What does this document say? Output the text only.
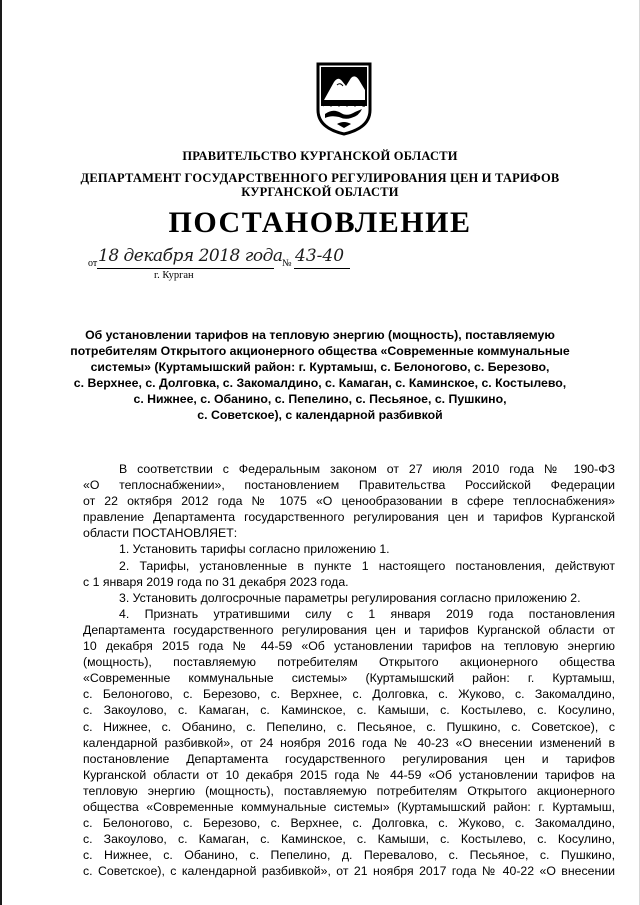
ПРАВИТЕЛЬСТВО КУРГАНСКОЙ ОБЛАСТИ
ДЕПАРТАМЕНТ ГОСУДАРСТВЕННОГО РЕГУЛИРОВАНИЯ ЦЕН И ТАРИФОВ
КУРГАНСКОЙ ОБЛАСТИ
ПОСТАНОВЛЕНИЕ
от 18 декабря 2018 года № 43-40
г. Курган
Об установлении тарифов на тепловую энергию (мощность), поставляемую
потребителям Открытого акционерного общества «Современные коммунальные
системы» (Куртамышский район: г. Куртамыш, с. Белоногово, с. Березово,
с. Верхнее, с. Долговка, с. Закомалдино, с. Камаган, с. Каминское, с. Костылево,
с. Нижнее, с. Обанино, с. Пепелино, с. Песьяное, с. Пушкино,
с. Советское), с календарной разбивкой
В соответствии с Федеральным законом от 27 июля 2010 года № 190-ФЗ
«О теплоснабжении», постановлением Правительства Российской Федерации
от 22 октября 2012 года № 1075 «О ценообразовании в сфере теплоснабжения»
правление Департамента государственного регулирования цен и тарифов Курганской
области ПОСТАНОВЛЯЕТ:
1. Установить тарифы согласно приложению 1.
2. Тарифы, установленные в пункте 1 настоящего постановления, действуют
с 1 января 2019 года по 31 декабря 2023 года.
3. Установить долгосрочные параметры регулирования согласно приложению 2.
4. Признать утратившими силу с 1 января 2019 года постановления
Департамента государственного регулирования цен и тарифов Курганской области от
10 декабря 2015 года № 44-59 «Об установлении тарифов на тепловую энергию
(мощность), поставляемую потребителям Открытого акционерного общества
«Современные коммунальные системы» (Куртамышский район: г. Куртамыш,
с. Белоногово, с. Березово, с. Верхнее, с. Долговка, с. Жуково, с. Закомалдино,
с. Закоулово, с. Камаган, с. Каминское, с. Камыши, с. Костылево, с. Косулино,
с. Нижнее, с. Обанино, с. Пепелино, с. Песьяное, с. Пушкино, с. Советское), с
календарной разбивкой», от 24 ноября 2016 года № 40-23 «О внесении изменений в
постановление Департамента государственного регулирования цен и тарифов
Курганской области от 10 декабря 2015 года № 44-59 «Об установлении тарифов на
тепловую энергию (мощность), поставляемую потребителям Открытого акционерного
общества «Современные коммунальные системы» (Куртамышский район: г. Куртамыш,
с. Белоногово, с. Березово, с. Верхнее, с. Долговка, с. Жуково, с. Закомалдино,
с. Закоулово, с. Камаган, с. Каминское, с. Камыши, с. Костылево, с. Косулино,
с. Нижнее, с. Обанино, с. Пепелино, д. Перевалово, с. Песьяное, с. Пушкино,
с. Советское), с календарной разбивкой», от 21 ноября 2017 года № 40-22 «О внесении
